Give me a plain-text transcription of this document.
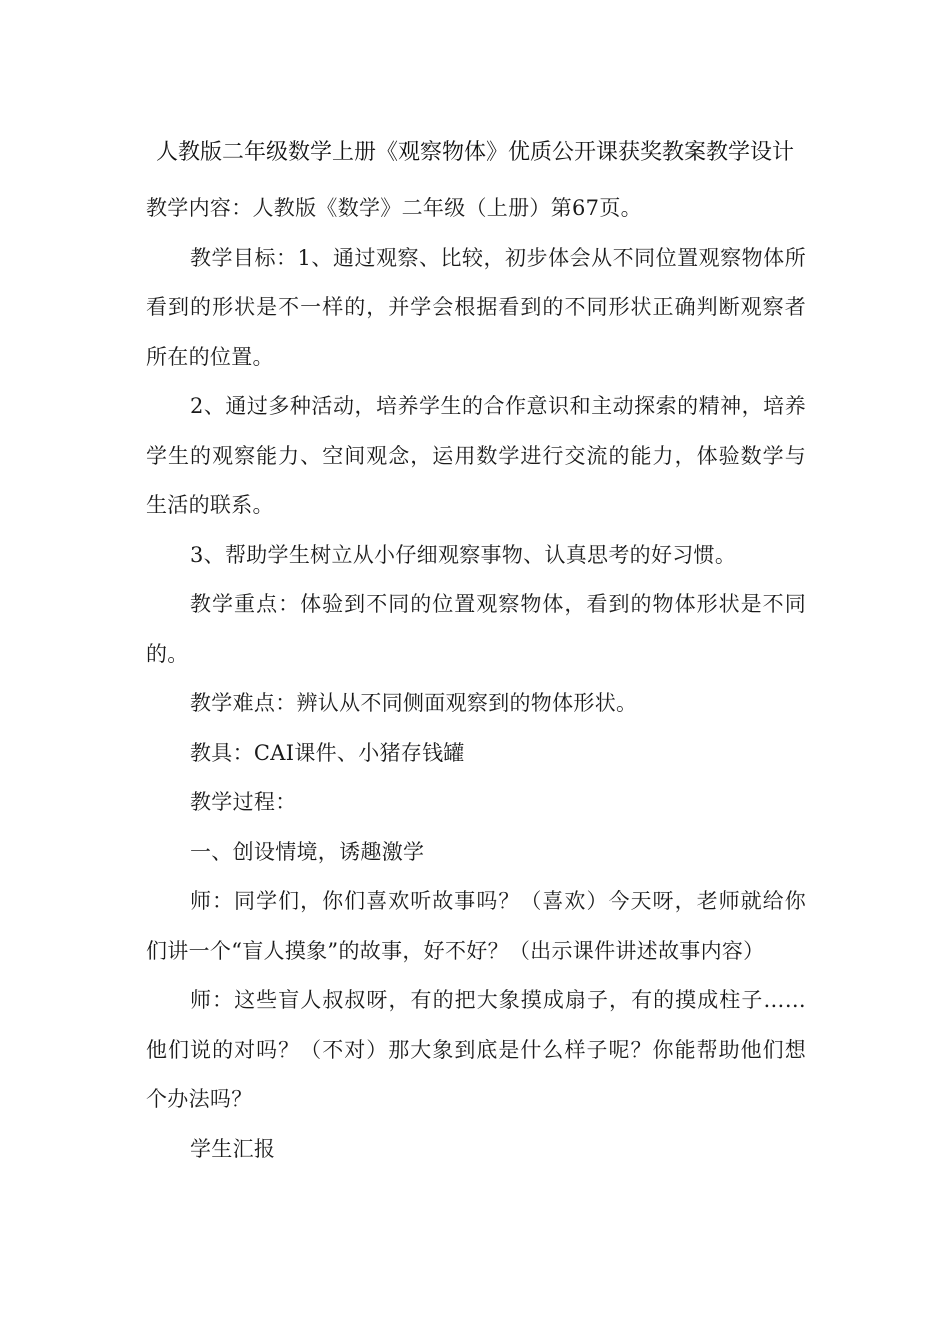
人教版二年级数学上册《观察物体》优质公开课获奖教案教学设计

教学内容：人教版《数学》二年级（上册）第67页。

教学目标：1、通过观察、比较，初步体会从不同位置观察物体所看到的形状是不一样的，并学会根据看到的不同形状正确判断观察者所在的位置。

2、通过多种活动，培养学生的合作意识和主动探索的精神，培养学生的观察能力、空间观念，运用数学进行交流的能力，体验数学与生活的联系。

3、帮助学生树立从小仔细观察事物、认真思考的好习惯。

教学重点：体验到不同的位置观察物体，看到的物体形状是不同的。

教学难点：辨认从不同侧面观察到的物体形状。

教具：CAI课件、小猪存钱罐

教学过程：

一、创设情境，诱趣激学

师：同学们，你们喜欢听故事吗？（喜欢）今天呀，老师就给你们讲一个“盲人摸象”的故事，好不好？（出示课件讲述故事内容）

师：这些盲人叔叔呀，有的把大象摸成扇子，有的摸成柱子……他们说的对吗？（不对）那大象到底是什么样子呢？你能帮助他们想个办法吗？

学生汇报
